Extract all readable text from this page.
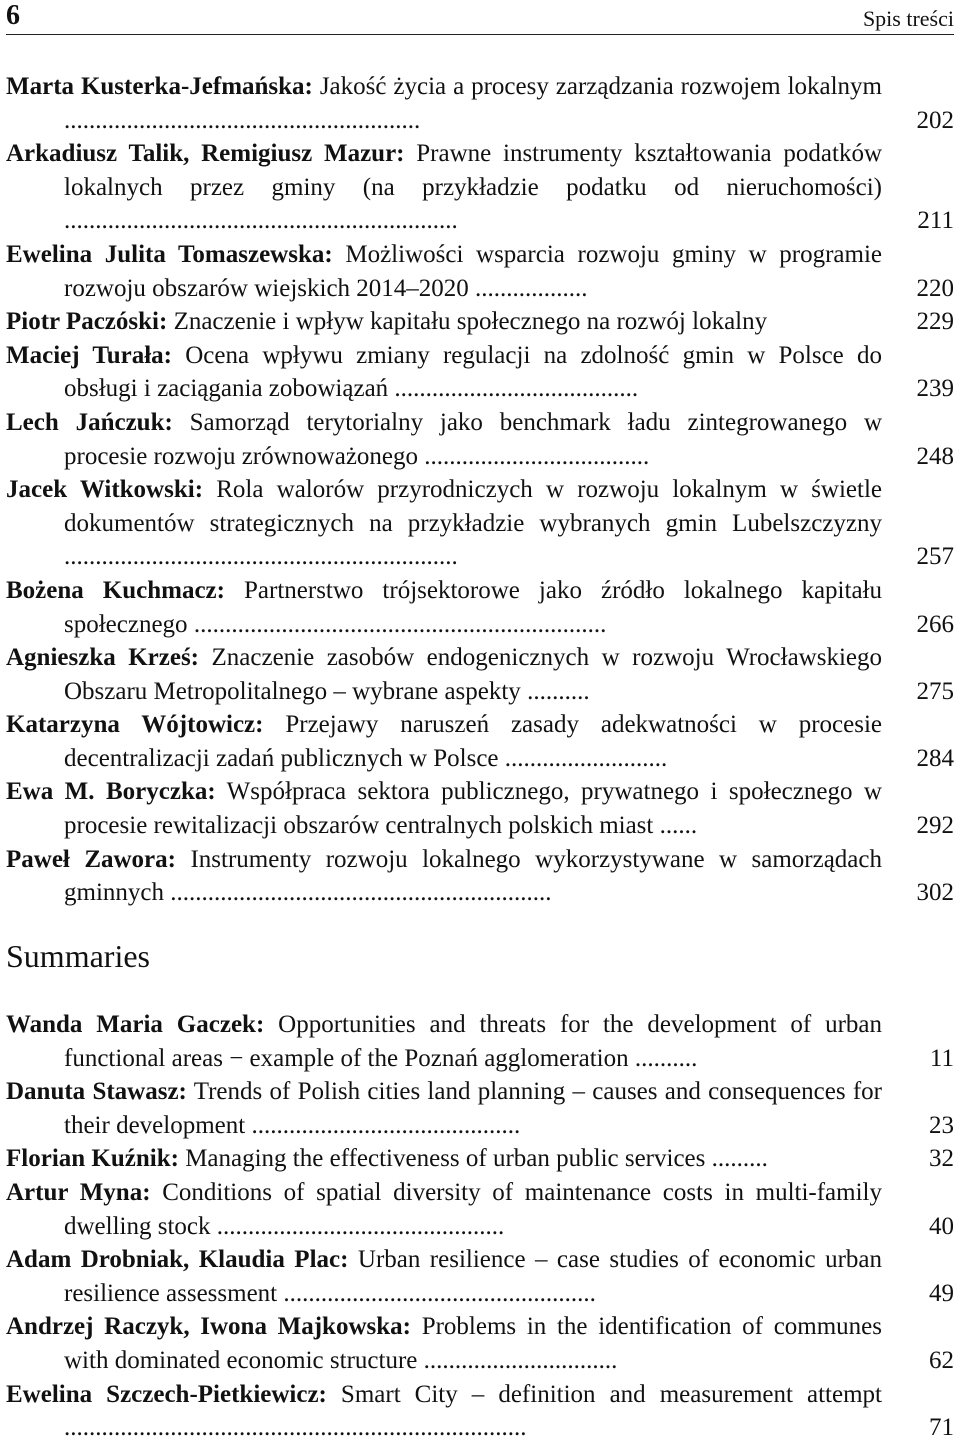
6	Spis treści
Marta Kusterka-Jefmańska: Jakość życia a procesy zarządzania rozwojem lokalnym .........................................................	202
Arkadiusz Talik, Remigiusz Mazur: Prawne instrumenty kształtowania podatków lokalnych przez gminy (na przykładzie podatku od nieruchomości) ...............................................................	211
Ewelina Julita Tomaszewska: Możliwości wsparcia rozwoju gminy w programie rozwoju obszarów wiejskich 2014–2020 ..................	220
Piotr Paczóski: Znaczenie i wpływ kapitału społecznego na rozwój lokalny	229
Maciej Turała: Ocena wpływu zmiany regulacji na zdolność gmin w Polsce do obsługi i zaciągania zobowiązań .......................................	239
Lech Jańczuk: Samorząd terytorialny jako benchmark ładu zintegrowanego w procesie rozwoju zrównoważonego ....................................	248
Jacek Witkowski: Rola walorów przyrodniczych w rozwoju lokalnym w świetle dokumentów strategicznych na przykładzie wybranych gmin Lubelszczyzny ...............................................................	257
Bożena Kuchmacz: Partnerstwo trójsektorowe jako źródło lokalnego kapitału społecznego ..................................................................	266
Agnieszka Krześ: Znaczenie zasobów endogenicznych w rozwoju Wrocławskiego Obszaru Metropolitalnego – wybrane aspekty ..........	275
Katarzyna Wójtowicz: Przejawy naruszeń zasady adekwatności w procesie decentralizacji zadań publicznych w Polsce ..........................	284
Ewa M. Boryczka: Współpraca sektora publicznego, prywatnego i społecznego w procesie rewitalizacji obszarów centralnych polskich miast ......	292
Paweł Zawora: Instrumenty rozwoju lokalnego wykorzystywane w samorządach gminnych .............................................................	302
Summaries
Wanda Maria Gaczek: Opportunities and threats for the development of urban functional areas − example of the Poznań agglomeration ..........	11
Danuta Stawasz: Trends of Polish cities land planning – causes and consequences for their development ...........................................	23
Florian Kuźnik: Managing the effectiveness of urban public services .........	32
Artur Myna: Conditions of spatial diversity of maintenance costs in multi-family dwelling stock ..............................................	40
Adam Drobniak, Klaudia Plac: Urban resilience – case studies of economic urban resilience assessment ..................................................	49
Andrzej Raczyk, Iwona Majkowska: Problems in the identification of communes with dominated economic structure ...............................	62
Ewelina Szczech-Pietkiewicz: Smart City – definition and measurement attempt ..........................................................................	71
